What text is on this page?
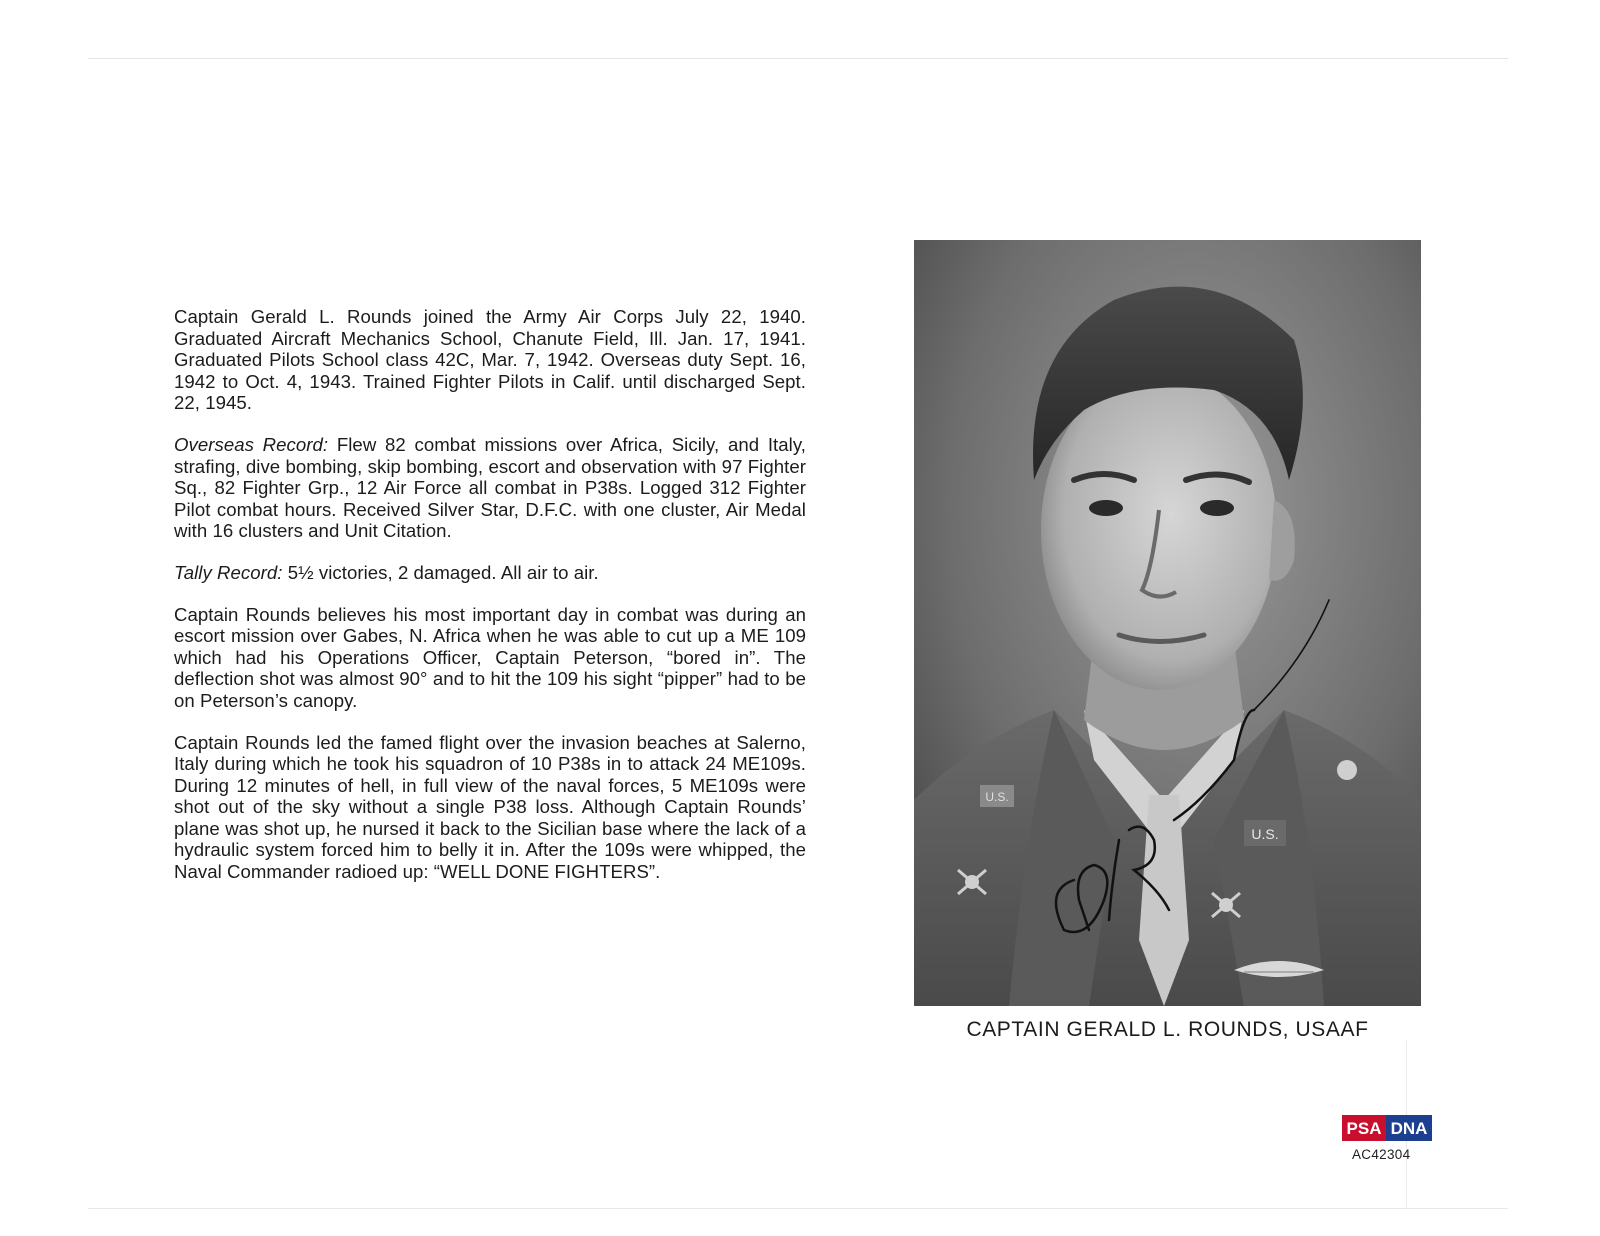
Captain Gerald L. Rounds joined the Army Air Corps July 22, 1940. Graduated Aircraft Mechanics School, Chanute Field, Ill. Jan. 17, 1941. Graduated Pilots School class 42C, Mar. 7, 1942. Overseas duty Sept. 16, 1942 to Oct. 4, 1943. Trained Fighter Pilots in Calif. until discharged Sept. 22, 1945.

Overseas Record: Flew 82 combat missions over Africa, Sicily, and Italy, strafing, dive bombing, skip bombing, escort and observation with 97 Fighter Sq., 82 Fighter Grp., 12 Air Force all combat in P38s. Logged 312 Fighter Pilot combat hours. Received Silver Star, D.F.C. with one cluster, Air Medal with 16 clusters and Unit Citation.

Tally Record: 5½ victories, 2 damaged. All air to air.

Captain Rounds believes his most important day in combat was during an escort mission over Gabes, N. Africa when he was able to cut up a ME 109 which had his Operations Officer, Captain Peterson, “bored in”. The deflection shot was almost 90° and to hit the 109 his sight “pipper” had to be on Peterson’s canopy.

Captain Rounds led the famed flight over the invasion beaches at Salerno, Italy during which he took his squadron of 10 P38s in to attack 24 ME109s. During 12 minutes of hell, in full view of the naval forces, 5 ME109s were shot out of the sky without a single P38 loss. Although Captain Rounds’ plane was shot up, he nursed it back to the Sicilian base where the lack of a hydraulic system forced him to belly it in. After the 109s were whipped, the Naval Commander radioed up: “WELL DONE FIGHTERS”.

U.S.
U.S.
CAPTAIN GERALD L. ROUNDS, USAAF
PSA DNA
AC42304
